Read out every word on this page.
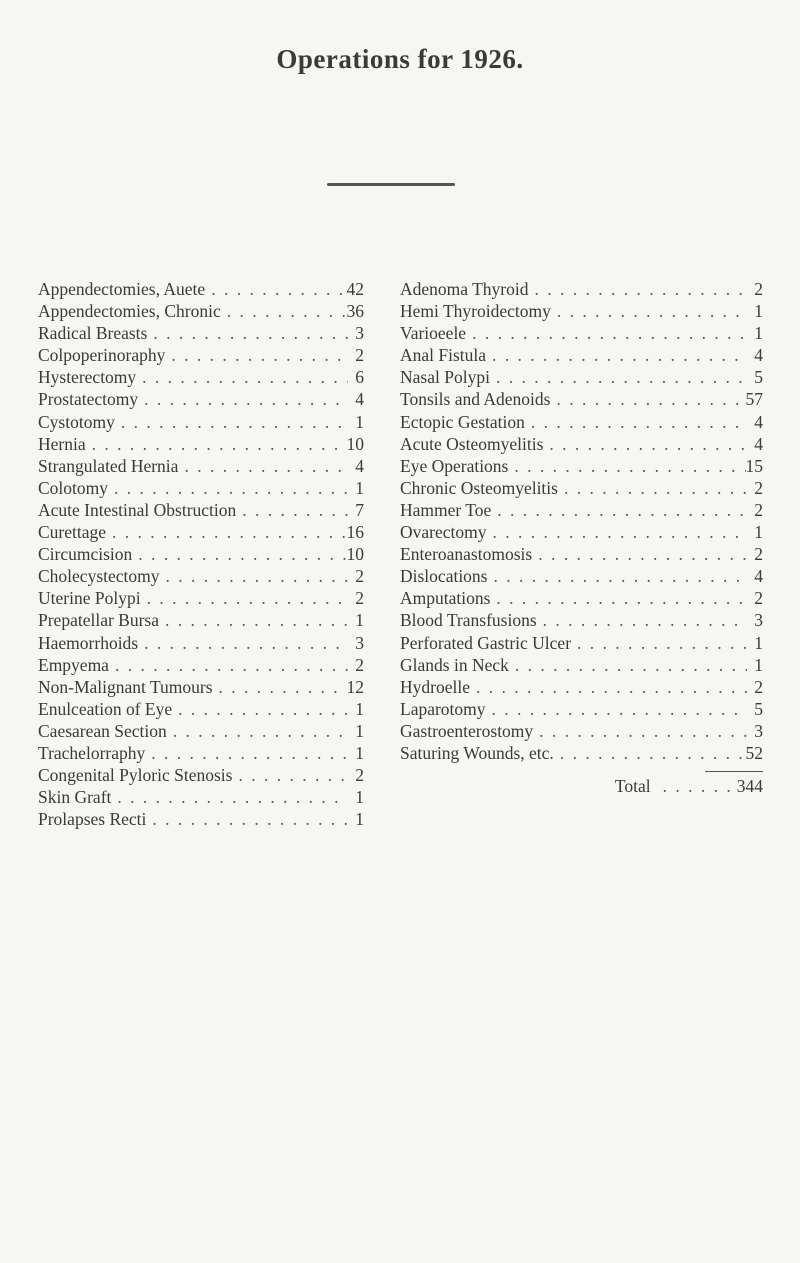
Operations for 1926.
Appendectomies, Auete . . .	42
Appendectomies, Chronic . . .	36
Radical Breasts . . .	3
Colpoperinoraphy . . .	2
Hysterectomy . . .	6
Prostatectomy . . .	4
Cystotomy . . .	1
Hernia . . .	10
Strangulated Hernia . . .	4
Colotomy . . .	1
Acute Intestinal Obstruction . . .	7
Curettage . . .	16
Circumcision . . .	10
Cholecystectomy . . .	2
Uterine Polypi . . .	2
Prepatellar Bursa . . .	1
Haemorrhoids . . .	3
Empyema . . .	2
Non-Malignant Tumours . . .	12
Enulceation of Eye . . .	1
Caesarean Section . . .	1
Trachelorraphy . . .	1
Congenital Pyloric Stenosis . . .	2
Skin Graft . . .	1
Prolapses Recti . . .	1
Adenoma Thyroid . . .	2
Hemi Thyroidectomy . . .	1
Varioeele . . .	1
Anal Fistula . . .	4
Nasal Polypi . . .	5
Tonsils and Adenoids . . .	57
Ectopic Gestation . . .	4
Acute Osteomyelitis . . .	4
Eye Operations . . .	15
Chronic Osteomyelitis . . .	2
Hammer Toe . . .	2
Ovarectomy . . .	1
Enteroanastomosis . . .	2
Dislocations . . .	4
Amputations . . .	2
Blood Transfusions . . .	3
Perforated Gastric Ulcer . . .	1
Glands in Neck . . .	1
Hydroelle . . .	2
Laparotomy . . .	5
Gastroenterostomy . . .	3
Saturing Wounds, etc. . . .	52
Total . . .	344
